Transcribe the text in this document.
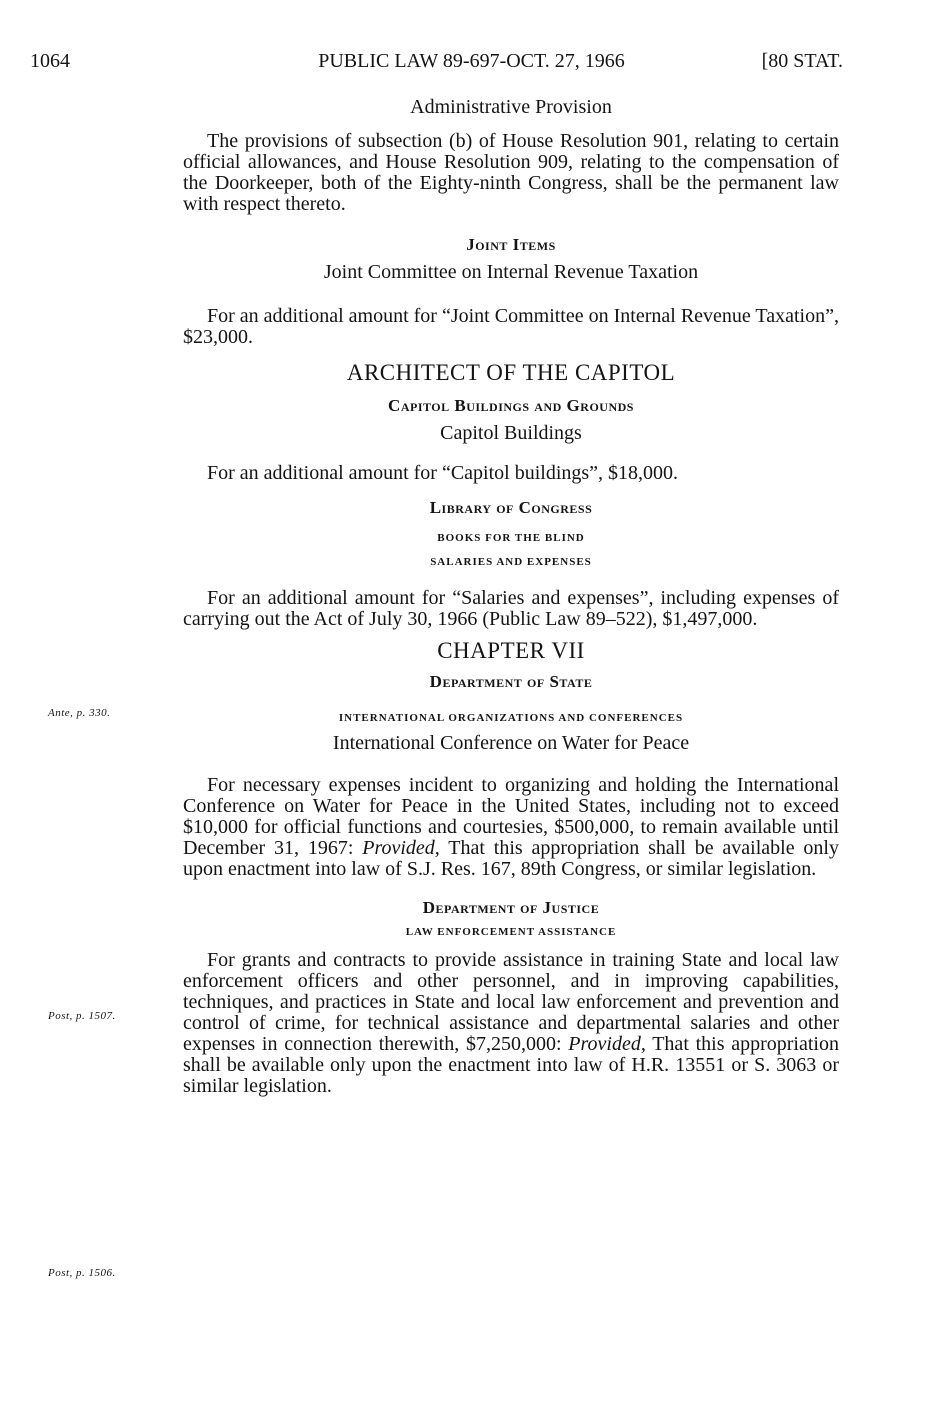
1064	PUBLIC LAW 89-697-OCT. 27, 1966	[80 STAT.
Ante, p. 330.
Post, p. 1507.
Post, p. 1506.
Administrative Provision

The provisions of subsection (b) of House Resolution 901, relating to certain official allowances, and House Resolution 909, relating to the compensation of the Doorkeeper, both of the Eighty-ninth Congress, shall be the permanent law with respect thereto.

Joint Items
Joint Committee on Internal Revenue Taxation

For an additional amount for “Joint Committee on Internal Revenue Taxation”, $23,000.

ARCHITECT OF THE CAPITOL
Capitol Buildings and Grounds
Capitol Buildings

For an additional amount for “Capitol buildings”, $18,000.

Library of Congress
BOOKS FOR THE BLIND
SALARIES AND EXPENSES

For an additional amount for “Salaries and expenses”, including expenses of carrying out the Act of July 30, 1966 (Public Law 89–522), $1,497,000.

CHAPTER VII
Department of State
INTERNATIONAL ORGANIZATIONS AND CONFERENCES
International Conference on Water for Peace

For necessary expenses incident to organizing and holding the International Conference on Water for Peace in the United States, including not to exceed $10,000 for official functions and courtesies, $500,000, to remain available until December 31, 1967: Provided, That this appropriation shall be available only upon enactment into law of S.J. Res. 167, 89th Congress, or similar legislation.

Department of Justice
LAW ENFORCEMENT ASSISTANCE

For grants and contracts to provide assistance in training State and local law enforcement officers and other personnel, and in improving capabilities, techniques, and practices in State and local law enforcement and prevention and control of crime, for technical assistance and departmental salaries and other expenses in connection therewith, $7,250,000: Provided, That this appropriation shall be available only upon the enactment into law of H.R. 13551 or S. 3063 or similar legislation.
